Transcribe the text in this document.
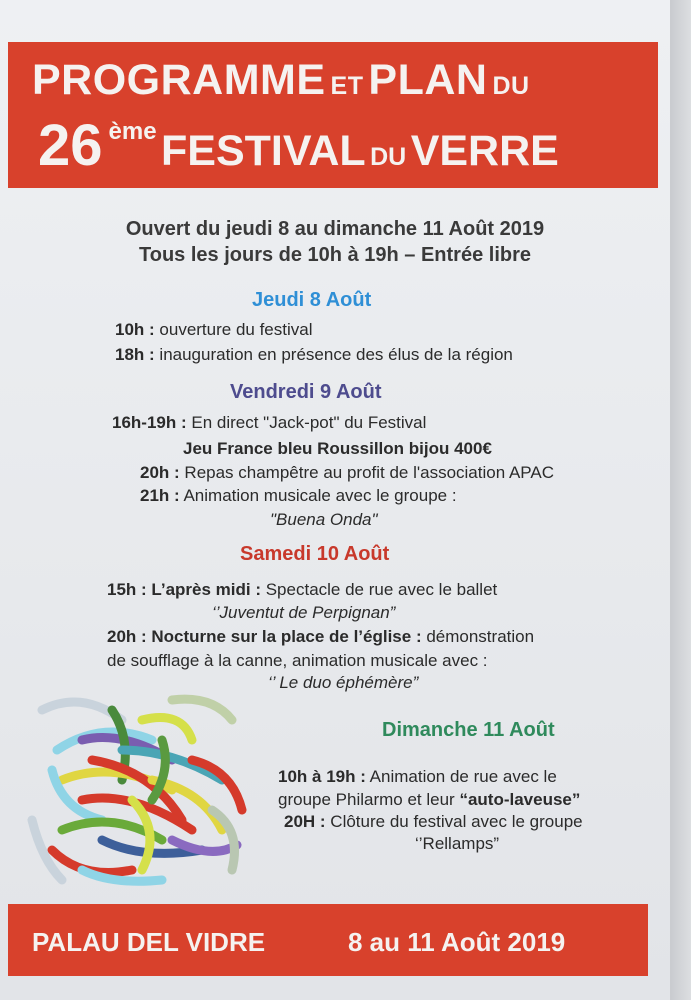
PROGRAMME ET PLAN DU
26 ème FESTIVAL DU VERRE
Ouvert du jeudi 8 au dimanche 11 Août 2019
Tous les jours de 10h à 19h – Entrée libre
Jeudi 8 Août
10h : ouverture du festival
18h : inauguration en présence des élus de la région
Vendredi 9 Août
16h-19h : En direct "Jack-pot" du Festival
Jeu France bleu Roussillon bijou 400€
20h : Repas champêtre au profit de l'association APAC
21h : Animation musicale avec le groupe :
"Buena Onda"
Samedi 10 Août
15h : L’après midi : Spectacle de rue avec le ballet
‘’Juventut de Perpignan”
20h : Nocturne sur la place de l’église : démonstration
de soufflage à la canne, animation musicale avec :
‘’ Le duo éphémère”
Dimanche 11 Août
10h à 19h : Animation de rue avec le
groupe Philarmo et leur “auto-laveuse”
20H : Clôture du festival avec le groupe
‘’Rellamps”
PALAU DEL VIDRE	8 au 11 Août 2019
